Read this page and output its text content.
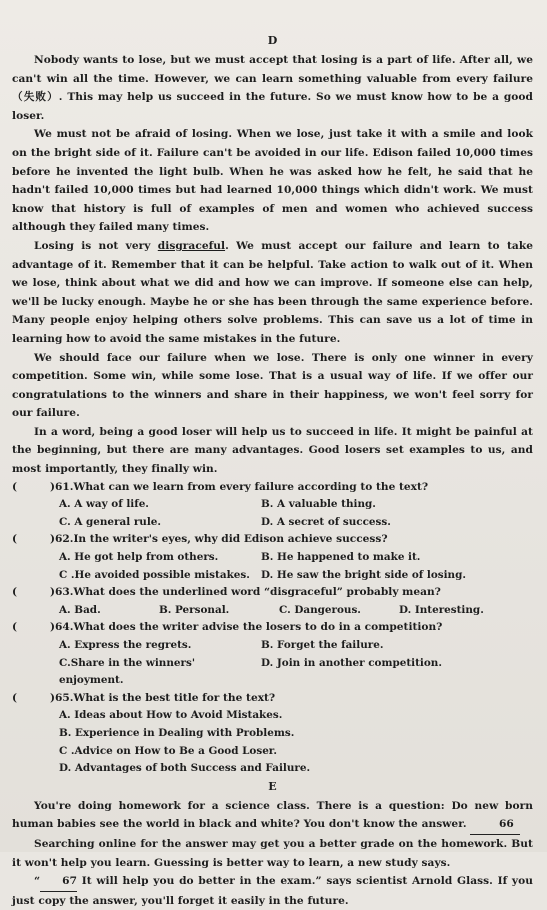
D

Nobody wants to lose, but we must accept that losing is a part of life. After all, we can't win all the time. However, we can learn something valuable from every failure（失败）. This may help us succeed in the future. So we must know how to be a good loser.

We must not be afraid of losing. When we lose, just take it with a smile and look on the bright side of it. Failure can't be avoided in our life. Edison failed 10,000 times before he invented the light bulb. When he was asked how he felt, he said that he hadn't failed 10,000 times but had learned 10,000 things which didn't work. We must know that history is full of examples of men and women who achieved success although they failed many times.

Losing is not very disgraceful. We must accept our failure and learn to take advantage of it. Remember that it can be helpful. Take action to walk out of it. When we lose, think about what we did and how we can improve. If someone else can help, we'll be lucky enough. Maybe he or she has been through the same experience before. Many people enjoy helping others solve problems. This can save us a lot of time in learning how to avoid the same mistakes in the future.

We should face our failure when we lose. There is only one winner in every competition. Some win, while some lose. That is a usual way of life. If we offer our congratulations to the winners and share in their happiness, we won't feel sorry for our failure.

In a word, being a good loser will help us to succeed in life. It might be painful at the beginning, but there are many advantages. Good losers set examples to us, and most importantly, they finally win.

(	)61.What can we learn from every failure according to the text?
A. A way of life.	B. A valuable thing.
C. A general rule.	D. A secret of success.
(	)62.In the writer's eyes, why did Edison achieve success?
A. He got help from others.	B. He happened to make it.
C .He avoided possible mistakes.	D. He saw the bright side of losing.
(	)63.What does the underlined word “disgraceful” probably mean?
A. Bad.	B. Personal.	C. Dangerous.	D. Interesting.
(	)64.What does the writer advise the losers to do in a competition?
A. Express the regrets.	B. Forget the failure.
C.Share in the winners' enjoyment.
D. Join in another competition.
(	)65.What is the best title for the text?
A. Ideas about How to Avoid Mistakes.
B. Experience in Dealing with Problems.
C .Advice on How to Be a Good Loser.
D. Advantages of both Success and Failure.
E

You're doing homework for a science class. There is a question: Do new born human babies see the world in black and white? You don't know the answer.	66

Searching online for the answer may get you a better grade on the homework. But it won't help you learn. Guessing is better way to learn, a new study says.

“ 67 It will help you do better in the exam.” says scientist Arnold Glass. If you just copy the answer, you'll forget it easily in the future.
